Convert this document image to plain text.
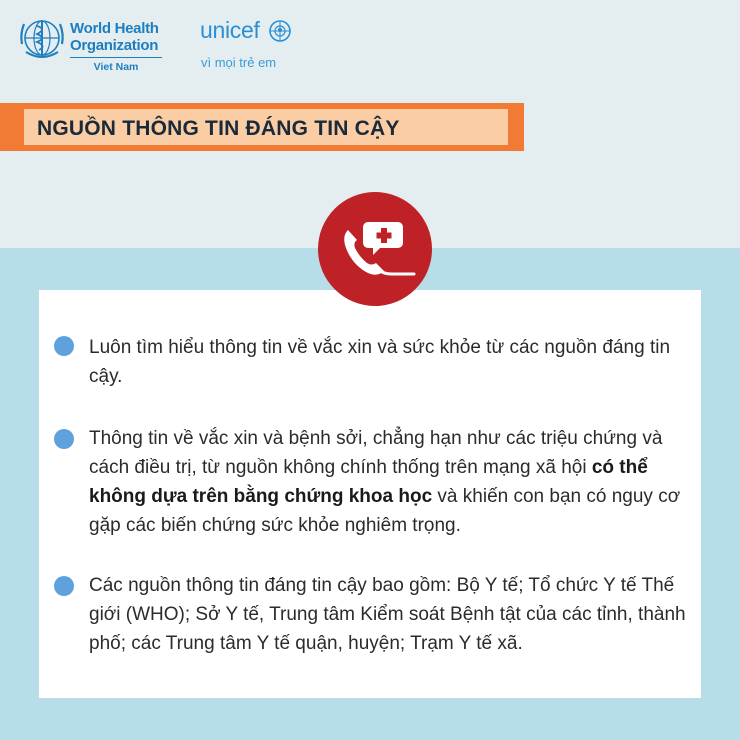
World Health
Organization
Viet Nam
unicef
vì mọi trẻ em
NGUỒN THÔNG TIN ĐÁNG TIN CẬY
Luôn tìm hiểu thông tin về vắc xin và sức khỏe từ các nguồn đáng tin cậy.
Thông tin về vắc xin và bệnh sởi, chẳng hạn như các triệu chứng và cách điều trị, từ nguồn không chính thống trên mạng xã hội có thể không dựa trên bằng chứng khoa học và khiến con bạn có nguy cơ gặp các biến chứng sức khỏe nghiêm trọng.
Các nguồn thông tin đáng tin cậy bao gồm: Bộ Y tế; Tổ chức Y tế Thế giới (WHO); Sở Y tế, Trung tâm Kiểm soát Bệnh tật của các tỉnh, thành phố; các Trung tâm Y tế quận, huyện; Trạm Y tế xã.
